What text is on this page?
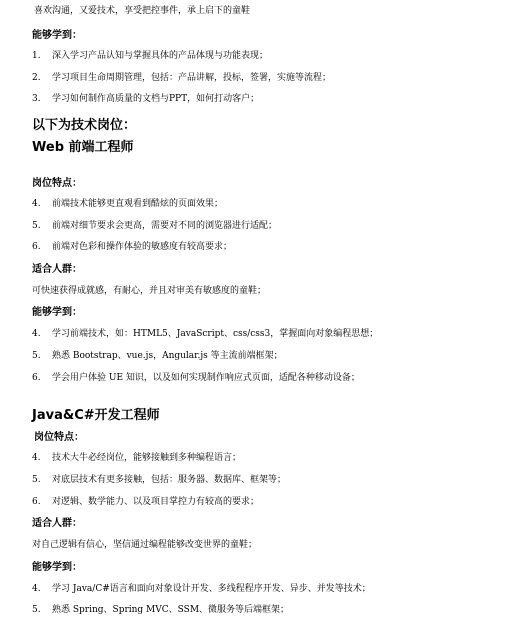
喜欢沟通，又爱技术，享受把控事件，承上启下的童鞋
能够学到：
1. 深入学习产品认知与掌握具体的产品体现与功能表现；
2. 学习项目生命周期管理，包括：产品讲解，投标，签署，实施等流程；
3. 学习如何制作高质量的文档与PPT，如何打动客户；
以下为技术岗位：
Web 前端工程师
岗位特点：
4. 前端技术能够更直观看到酷炫的页面效果；
5. 前端对细节要求会更高，需要对不同的浏览器进行适配；
6. 前端对色彩和操作体验的敏感度有较高要求；
适合人群：
可快速获得成就感，有耐心，并且对审美有敏感度的童鞋；
能够学到：
4. 学习前端技术，如：HTML5、JavaScript、css/css3，掌握面向对象编程思想；
5. 熟悉 Bootstrap、vue.js，Angular.js 等主流前端框架；
6. 学会用户体验 UE 知识，以及如何实现制作响应式页面，适配各种移动设备；
Java&C#开发工程师
岗位特点：
4. 技术大牛必经岗位，能够接触到多种编程语言；
5. 对底层技术有更多接触，包括：服务器、数据库、框架等；
6. 对逻辑、数学能力、以及项目掌控力有较高的要求；
适合人群：
对自己逻辑有信心，坚信通过编程能够改变世界的童鞋；
能够学到：
4. 学习 Java/C#语言和面向对象设计开发、多线程程序开发、异步、并发等技术；
5. 熟悉 Spring、Spring MVC、SSM、微服务等后端框架；
